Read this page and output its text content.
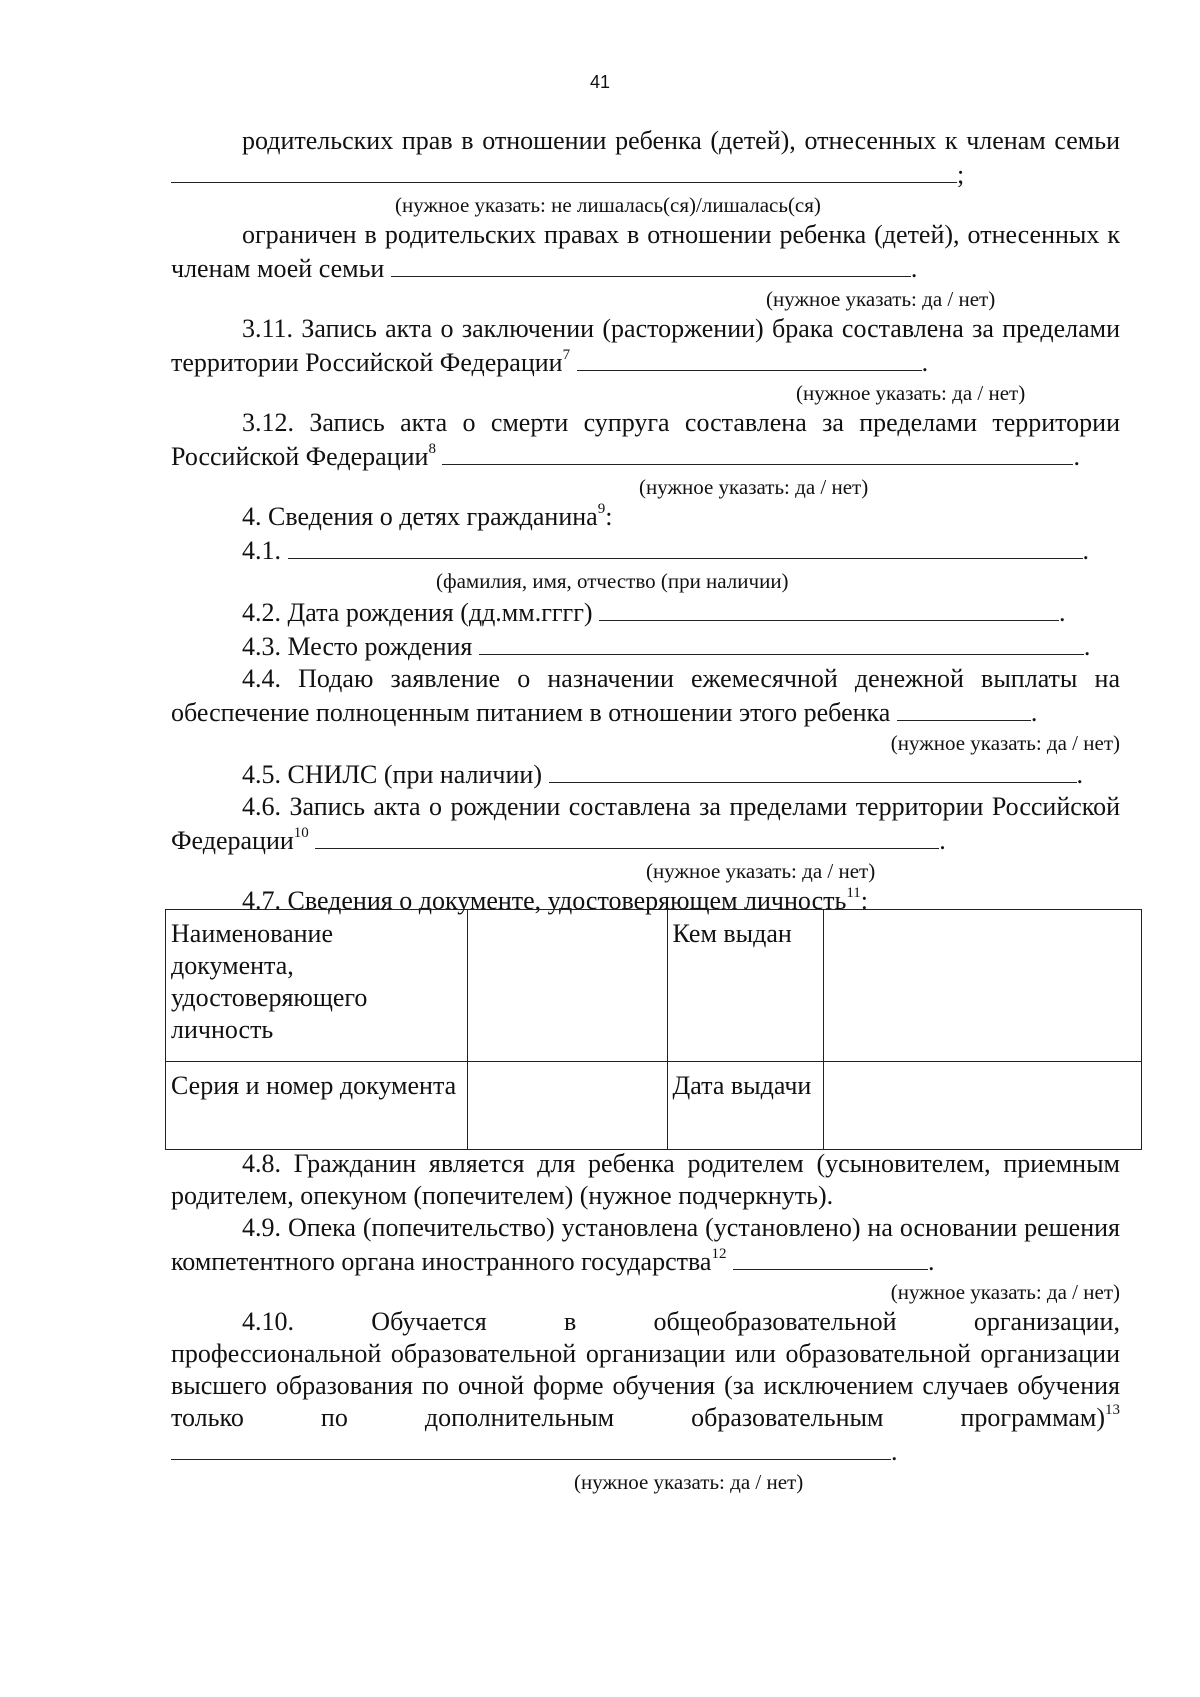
41

родительских прав в отношении ребенка (детей), отнесенных к членам семьи ;

(нужное указать: не лишалась(ся)/лишалась(ся)

ограничен в родительских правах в отношении ребенка (детей), отнесенных к членам моей семьи	.

(нужное указать: да / нет)

3.11. Запись акта о заключении (расторжении) брака составлена за пределами территории Российской Федерации$^7$	.

(нужное указать: да / нет)

3.12. Запись акта о смерти супруга составлена за пределами территории Российской Федерации$^8$	.

(нужное указать: да / нет)

4. Сведения о детях гражданина$^9$:

4.1.	.

(фамилия, имя, отчество (при наличии)

4.2. Дата рождения (дд.мм.гггг)	.

4.3. Место рождения	.

4.4. Подаю заявление о назначении ежемесячной денежной выплаты на обеспечение полноценным питанием в отношении этого ребенка	.

(нужное указать: да / нет)

4.5. СНИЛС (при наличии)	.

4.6. Запись акта о рождении составлена за пределами территории Российской Федерации$^{10}$	.

(нужное указать: да / нет)

4.7. Сведения о документе, удостоверяющем личность$^{11}$:

Наименование документа, удостоверяющего личность		Кем выдан	
Серия и номер документа		Дата выдачи	

4.8. Гражданин является для ребенка родителем (усыновителем, приемным родителем, опекуном (попечителем) (нужное подчеркнуть).

4.9. Опека (попечительство) установлена (установлено) на основании решения компетентного органа иностранного государства$^{12}$	.

(нужное указать: да / нет)

4.10.	Обучается	в	общеобразовательной	организации,

профессиональной образовательной организации или образовательной организации высшего образования по очной форме обучения (за исключением случаев обучения только по дополнительным образовательным	программам)$^{13}$ .

(нужное указать: да / нет)
